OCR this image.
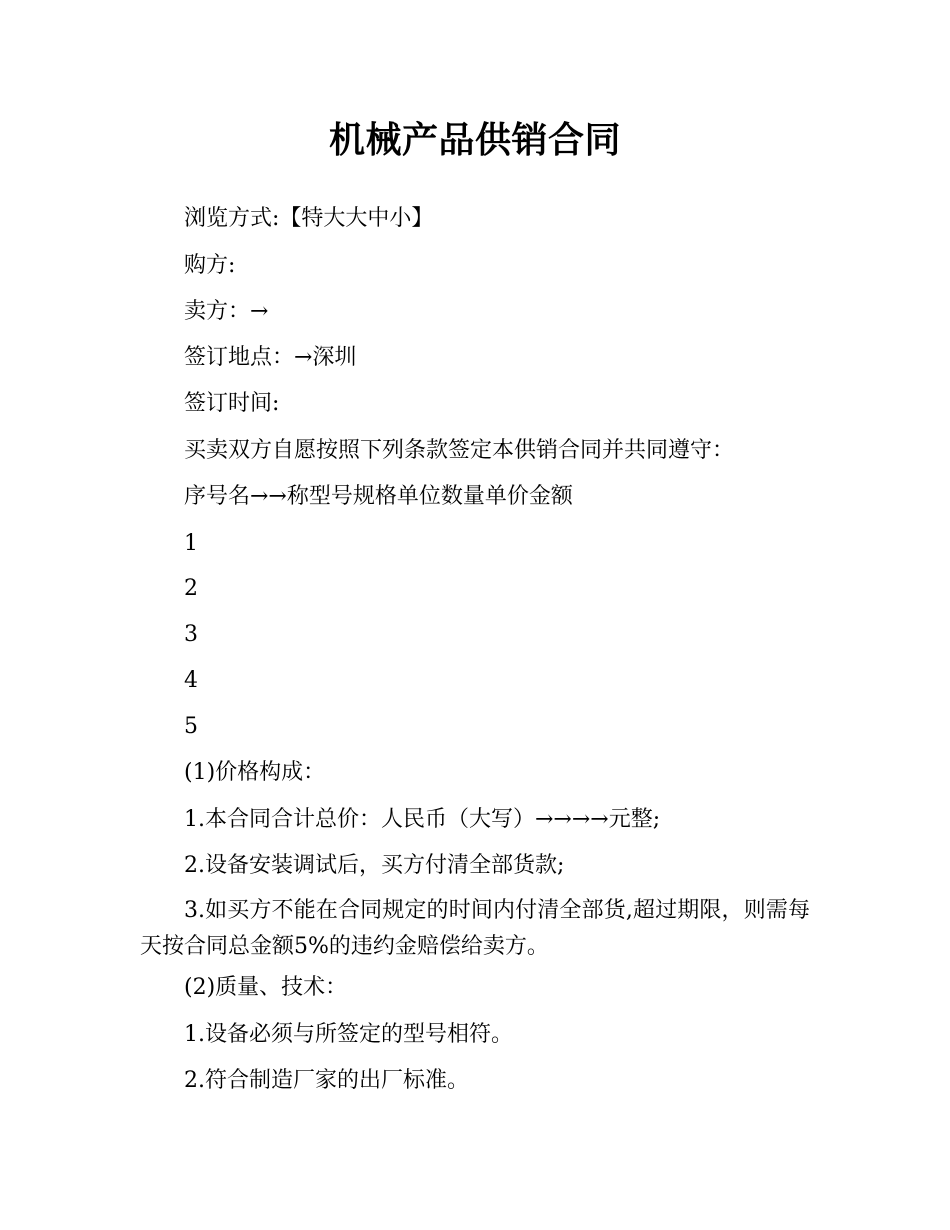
机械产品供销合同
浏览方式:【特大大中小】
购方:
卖方：→
签订地点：→深圳
签订时间:
买卖双方自愿按照下列条款签定本供销合同并共同遵守：
序号名→→称型号规格单位数量单价金额
1
2
3
4
5
(1)价格构成：
1.本合同合计总价：人民币（大写）→→→→元整;
2.设备安装调试后，买方付清全部货款;
3.如买方不能在合同规定的时间内付清全部货,超过期限，则需每天按合同总金额5%的违约金赔偿给卖方。
(2)质量、技术：
1.设备必须与所签定的型号相符。
2.符合制造厂家的出厂标准。
